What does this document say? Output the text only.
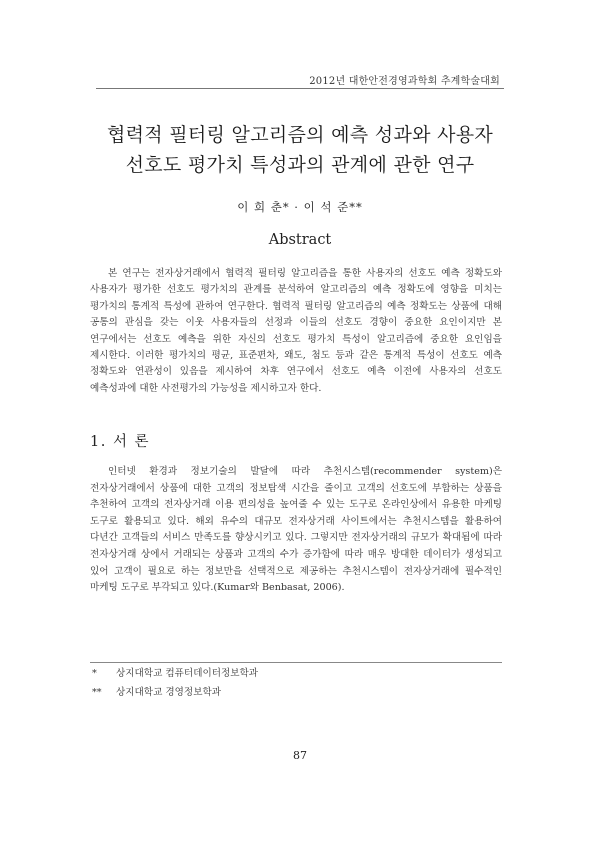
2012년 대한안전경영과학회 추계학술대회
협력적 필터링 알고리즘의 예측 성과와 사용자
선호도 평가치 특성과의 관계에 관한 연구
이 희 춘* · 이 석 준**
Abstract

본 연구는 전자상거래에서 협력적 필터링 알고리즘을 통한 사용자의 선호도 예측 정확도와 사용자가 평가한 선호도 평가치의 관계를 분석하여 알고리즘의 예측 정확도에 영향을 미치는 평가치의 통계적 특성에 관하여 연구한다. 협력적 필터링 알고리즘의 예측 정확도는 상품에 대해 공통의 관심을 갖는 이웃 사용자들의 선정과 이들의 선호도 경향이 중요한 요인이지만 본 연구에서는 선호도 예측을 위한 자신의 선호도 평가치 특성이 알고리즘에 중요한 요인임을 제시한다. 이러한 평가치의 평균, 표준편차, 왜도, 첨도 등과 같은 통계적 특성이 선호도 예측 정확도와 연관성이 있음을 제시하여 차후 연구에서 선호도 예측 이전에 사용자의 선호도 예측성과에 대한 사전평가의 가능성을 제시하고자 한다.

1. 서 론

인터넷 환경과 정보기술의 발달에 따라 추천시스템(recommender system)은 전자상거래에서 상품에 대한 고객의 정보탐색 시간을 줄이고 고객의 선호도에 부합하는 상품을 추천하여 고객의 전자상거래 이용 편의성을 높여줄 수 있는 도구로 온라인상에서 유용한 마케팅 도구로 활용되고 있다. 해외 유수의 대규모 전자상거래 사이트에서는 추천시스템을 활용하여 다년간 고객들의 서비스 만족도를 향상시키고 있다. 그렇지만 전자상거래의 규모가 확대됨에 따라 전자상거래 상에서 거래되는 상품과 고객의 수가 증가함에 따라 매우 방대한 데이터가 생성되고 있어 고객이 필요로 하는 정보만을 선택적으로 제공하는 추천시스템이 전자상거래에 필수적인 마케팅 도구로 부각되고 있다.(Kumar와 Benbasat, 2006).

* 상지대학교 컴퓨터데이터정보학과
** 상지대학교 경영정보학과
87
